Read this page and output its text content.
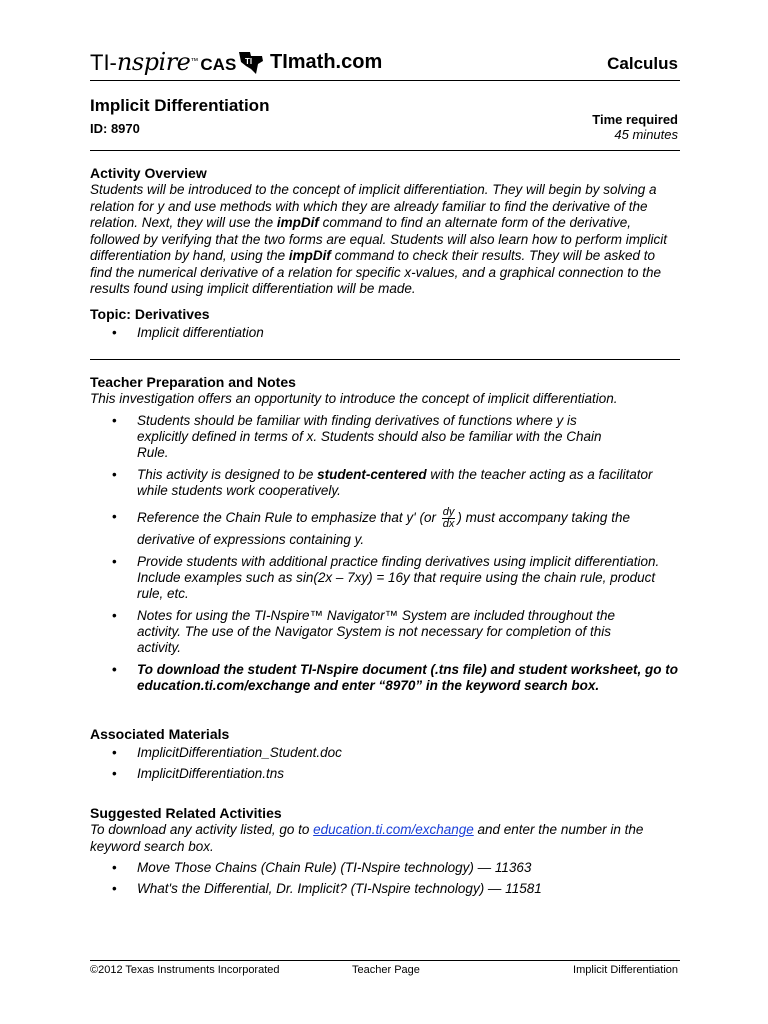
TI-nspire™ CAS TI TImath.com	Calculus
Implicit Differentiation
ID: 8970
Time required
45 minutes
Activity Overview
Students will be introduced to the concept of implicit differentiation. They will begin by solving a relation for y and use methods with which they are already familiar to find the derivative of the relation. Next, they will use the impDif command to find an alternate form of the derivative, followed by verifying that the two forms are equal. Students will also learn how to perform implicit differentiation by hand, using the impDif command to check their results. They will be asked to find the numerical derivative of a relation for specific x-values, and a graphical connection to the results found using implicit differentiation will be made.
Topic: Derivatives
• Implicit differentiation
Teacher Preparation and Notes
This investigation offers an opportunity to introduce the concept of implicit differentiation.
• Students should be familiar with finding derivatives of functions where y is explicitly defined in terms of x. Students should also be familiar with the Chain Rule.
• This activity is designed to be student-centered with the teacher acting as a facilitator while students work cooperatively.
• Reference the Chain Rule to emphasize that y' ($or \frac{dy}{dx}$ ) must accompany taking the derivative of expressions containing y.
• Provide students with additional practice finding derivatives using implicit differentiation. Include examples such as sin(2x – 7xy) = 16y that require using the chain rule, product rule, etc.
• Notes for using the TI-Nspire™ Navigator™ System are included throughout the activity. The use of the Navigator System is not necessary for completion of this activity.
• To download the student TI-Nspire document (.tns file) and student worksheet, go to education.ti.com/exchange and enter “8970” in the keyword search box.
Associated Materials
• ImplicitDifferentiation_Student.doc
• ImplicitDifferentiation.tns
Suggested Related Activities
To download any activity listed, go to education.ti.com/exchange and enter the number in the keyword search box.
• Move Those Chains (Chain Rule) (TI-Nspire technology) — 11363
• What's the Differential, Dr. Implicit? (TI-Nspire technology) — 11581
©2012 Texas Instruments Incorporated	Teacher Page	Implicit Differentiation
